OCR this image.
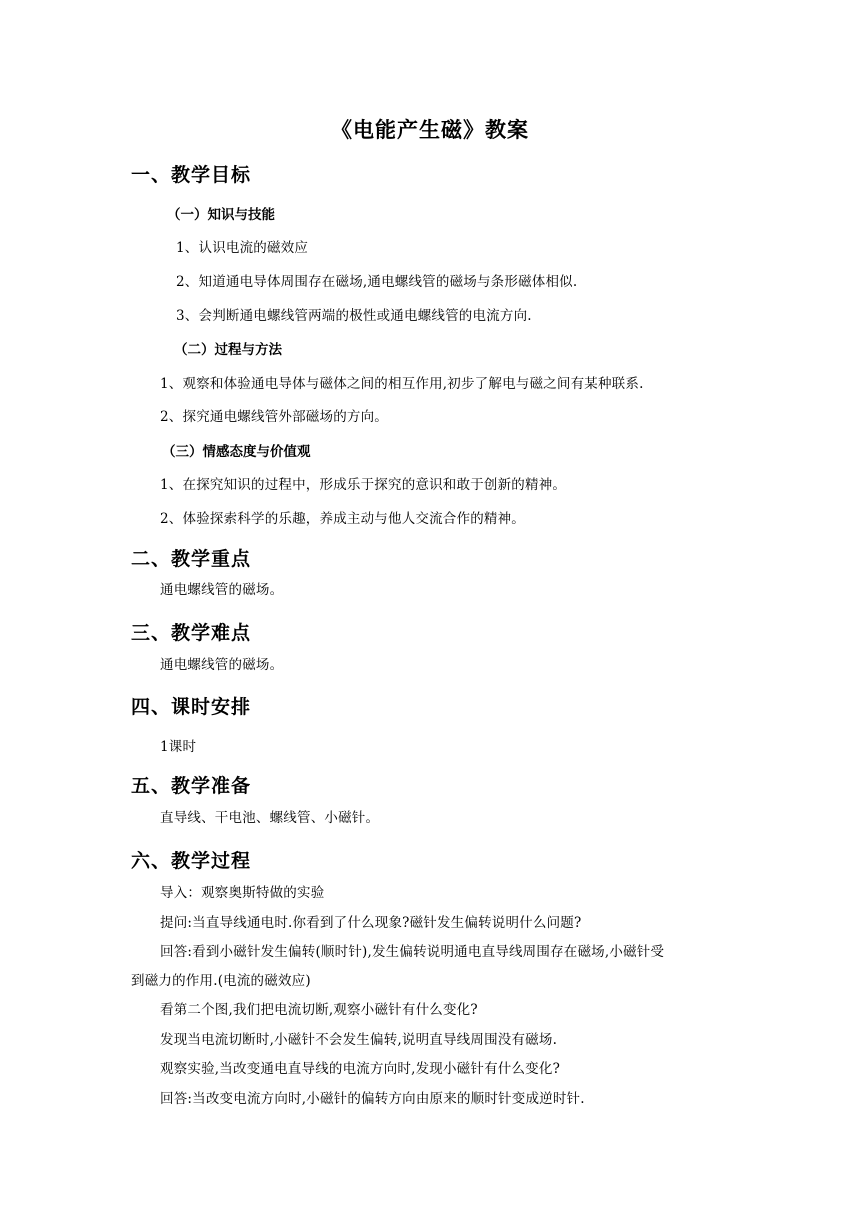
《电能产生磁》教案
一、教学目标
（一）知识与技能
1、认识电流的磁效应
2、知道通电导体周围存在磁场,通电螺线管的磁场与条形磁体相似.
3、会判断通电螺线管两端的极性或通电螺线管的电流方向.
（二）过程与方法
1、观察和体验通电导体与磁体之间的相互作用,初步了解电与磁之间有某种联系.
2、探究通电螺线管外部磁场的方向。
（三）情感态度与价值观
1、在探究知识的过程中，形成乐于探究的意识和敢于创新的精神。
2、体验探索科学的乐趣，养成主动与他人交流合作的精神。
二、教学重点
通电螺线管的磁场。
三、教学难点
通电螺线管的磁场。
四、课时安排
1课时
五、教学准备
直导线、干电池、螺线管、小磁针。
六、教学过程
导入：观察奥斯特做的实验
提问:当直导线通电时.你看到了什么现象?磁针发生偏转说明什么问题?
回答:看到小磁针发生偏转(顺时针),发生偏转说明通电直导线周围存在磁场,小磁针受
到磁力的作用.(电流的磁效应)
看第二个图,我们把电流切断,观察小磁针有什么变化?
发现当电流切断时,小磁针不会发生偏转,说明直导线周围没有磁场.
观察实验,当改变通电直导线的电流方向时,发现小磁针有什么变化?
回答:当改变电流方向时,小磁针的偏转方向由原来的顺时针变成逆时针.
